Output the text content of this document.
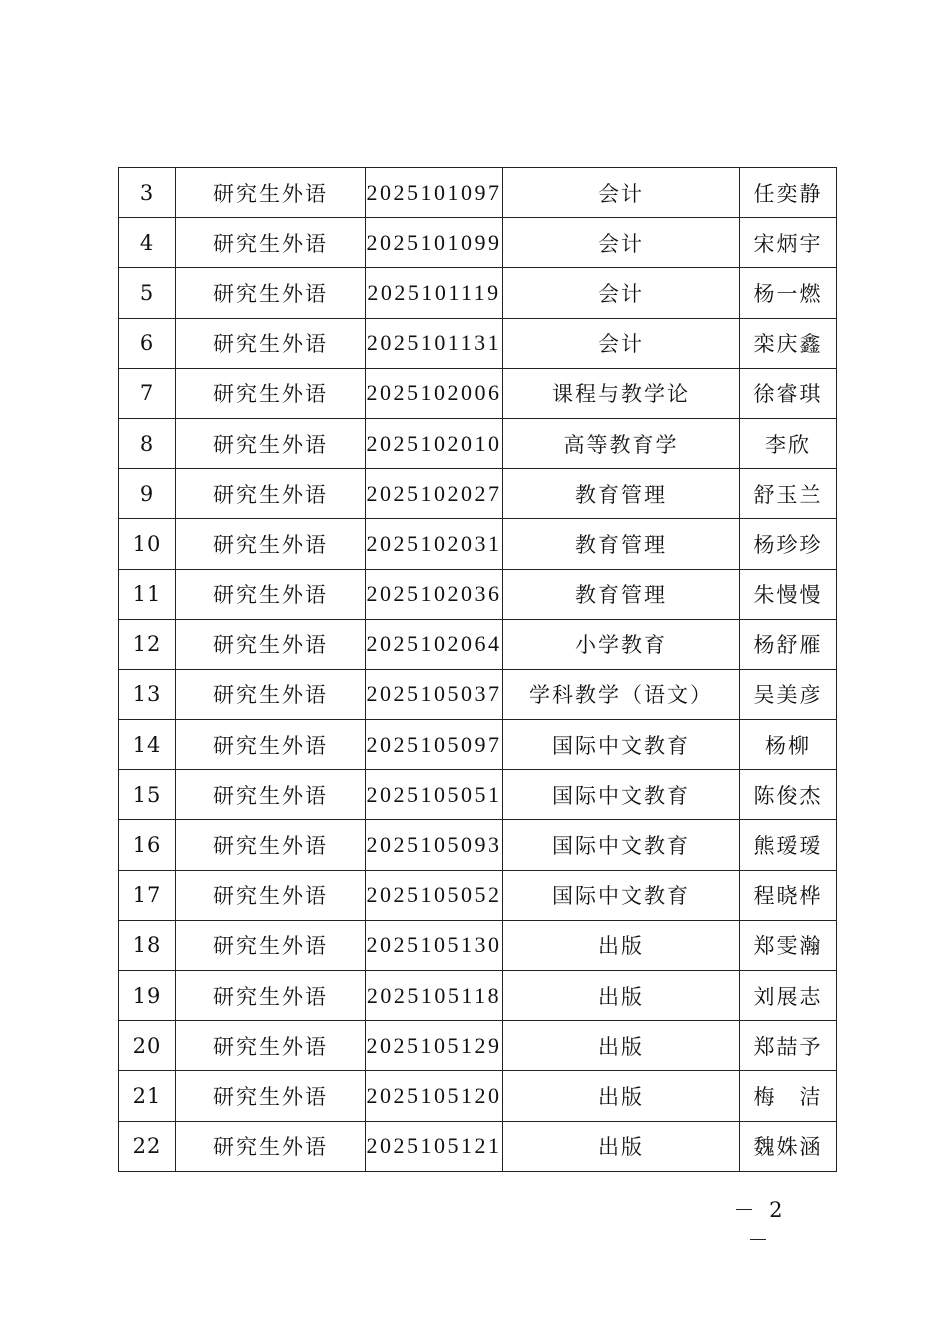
3	研究生外语	2025101097	会计	任奕静
4	研究生外语	2025101099	会计	宋炳宇
5	研究生外语	2025101119	会计	杨一燃
6	研究生外语	2025101131	会计	栾庆鑫
7	研究生外语	2025102006	课程与教学论	徐睿琪
8	研究生外语	2025102010	高等教育学	李欣
9	研究生外语	2025102027	教育管理	舒玉兰
10	研究生外语	2025102031	教育管理	杨珍珍
11	研究生外语	2025102036	教育管理	朱慢慢
12	研究生外语	2025102064	小学教育	杨舒雁
13	研究生外语	2025105037	学科教学（语文）	吴美彦
14	研究生外语	2025105097	国际中文教育	杨柳
15	研究生外语	2025105051	国际中文教育	陈俊杰
16	研究生外语	2025105093	国际中文教育	熊瑷瑷
17	研究生外语	2025105052	国际中文教育	程晓桦
18	研究生外语	2025105130	出版	郑雯瀚
19	研究生外语	2025105118	出版	刘展志
20	研究生外语	2025105129	出版	郑喆予
21	研究生外语	2025105120	出版	梅　洁
22	研究生外语	2025105121	出版	魏姝涵
－ 2 －
